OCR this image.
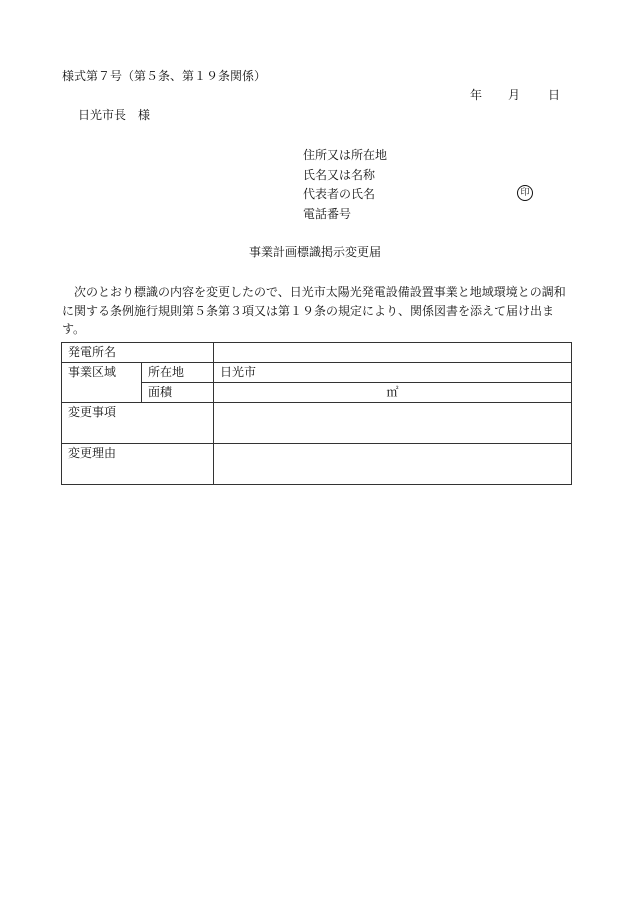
様式第７号（第５条、第１９条関係）
年 月 日
日光市長　様
住所又は所在地
氏名又は名称
代表者の氏名	印
電話番号
事業計画標識掲示変更届
次のとおり標識の内容を変更したので、日光市太陽光発電設備設置事業と地域環境との調和に関する条例施行規則第５条第３項又は第１９条の規定により、関係図書を添えて届け出ます。
発電所名		
事業区域	所在地	日光市
	面積	㎡
変更事項		
変更理由		
